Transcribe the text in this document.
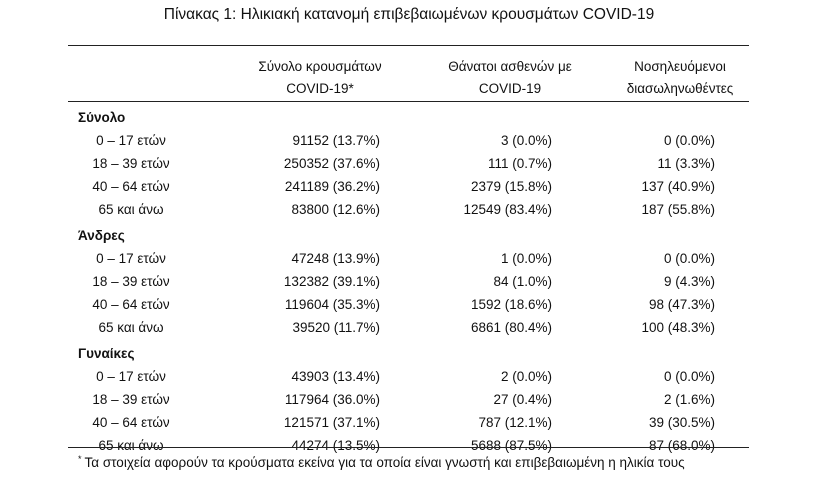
Πίνακας 1: Ηλικιακή κατανομή επιβεβαιωμένων κρουσμάτων COVID-19
Σύνολο κρουσμάτων
COVID-19*
Θάνατοι ασθενών με
COVID-19
Νοσηλευόμενοι
διασωληνωθέντες
Σύνολο
0 – 17 ετών	91152 (13.7%)	3 (0.0%)	0 (0.0%)
18 – 39 ετών	250352 (37.6%)	111 (0.7%)	11 (3.3%)
40 – 64 ετών	241189 (36.2%)	2379 (15.8%)	137 (40.9%)
65 και άνω	83800 (12.6%)	12549 (83.4%)	187 (55.8%)
Άνδρες
0 – 17 ετών	47248 (13.9%)	1 (0.0%)	0 (0.0%)
18 – 39 ετών	132382 (39.1%)	84 (1.0%)	9 (4.3%)
40 – 64 ετών	119604 (35.3%)	1592 (18.6%)	98 (47.3%)
65 και άνω	39520 (11.7%)	6861 (80.4%)	100 (48.3%)
Γυναίκες
0 – 17 ετών	43903 (13.4%)	2 (0.0%)	0 (0.0%)
18 – 39 ετών	117964 (36.0%)	27 (0.4%)	2 (1.6%)
40 – 64 ετών	121571 (37.1%)	787 (12.1%)	39 (30.5%)
65 και άνω	44274 (13.5%)	5688 (87.5%)	87 (68.0%)
* Τα στοιχεία αφορούν τα κρούσματα εκείνα για τα οποία είναι γνωστή και επιβεβαιωμένη η ηλικία τους
